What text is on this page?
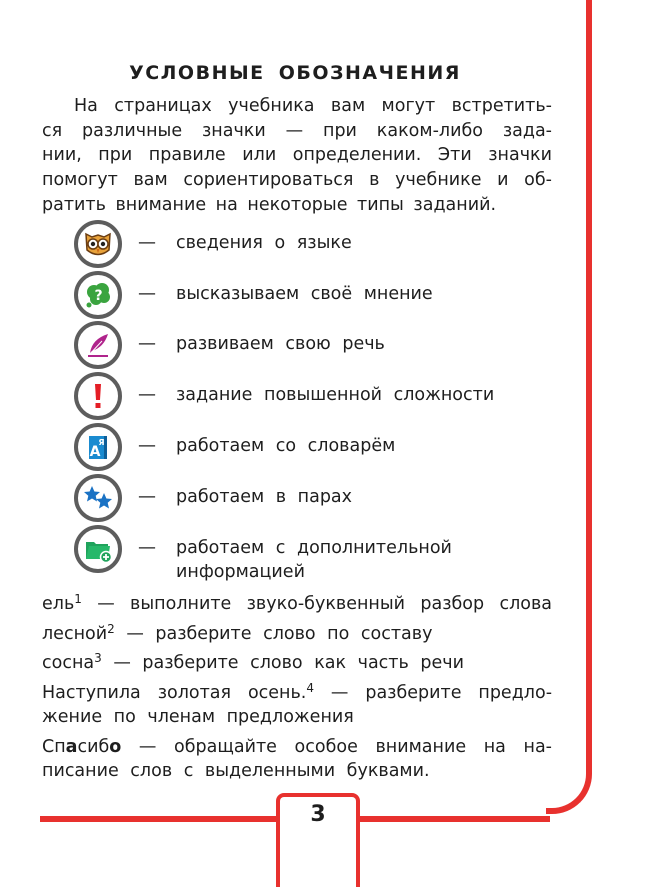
3
УСЛОВНЫЕ ОБОЗНАЧЕНИЯ
На страницах учебника вам могут встретить-
ся различные значки — при каком-либо зада-
нии, при правиле или определении. Эти значки
помогут вам сориентироваться в учебнике и об-
ратить внимание на некоторые типы заданий.
— сведения о языке
? — высказываем своё мнение
— развиваем свою речь
— задание повышенной сложности
A
Я — работаем со словарём
— работаем в парах
— работаем с дополнительной
информацией
ель$^1$ — выполните звуко-буквенный разбор слова
лесной$^2$ — разберите слово по составу
сосна$^3$ — разберите слово как часть речи
Наступила золотая осень.$^4$ — разберите предло-
жение по членам предложения
Спасибо — обращайте особое внимание на на-
писание слов с выделенными буквами.
